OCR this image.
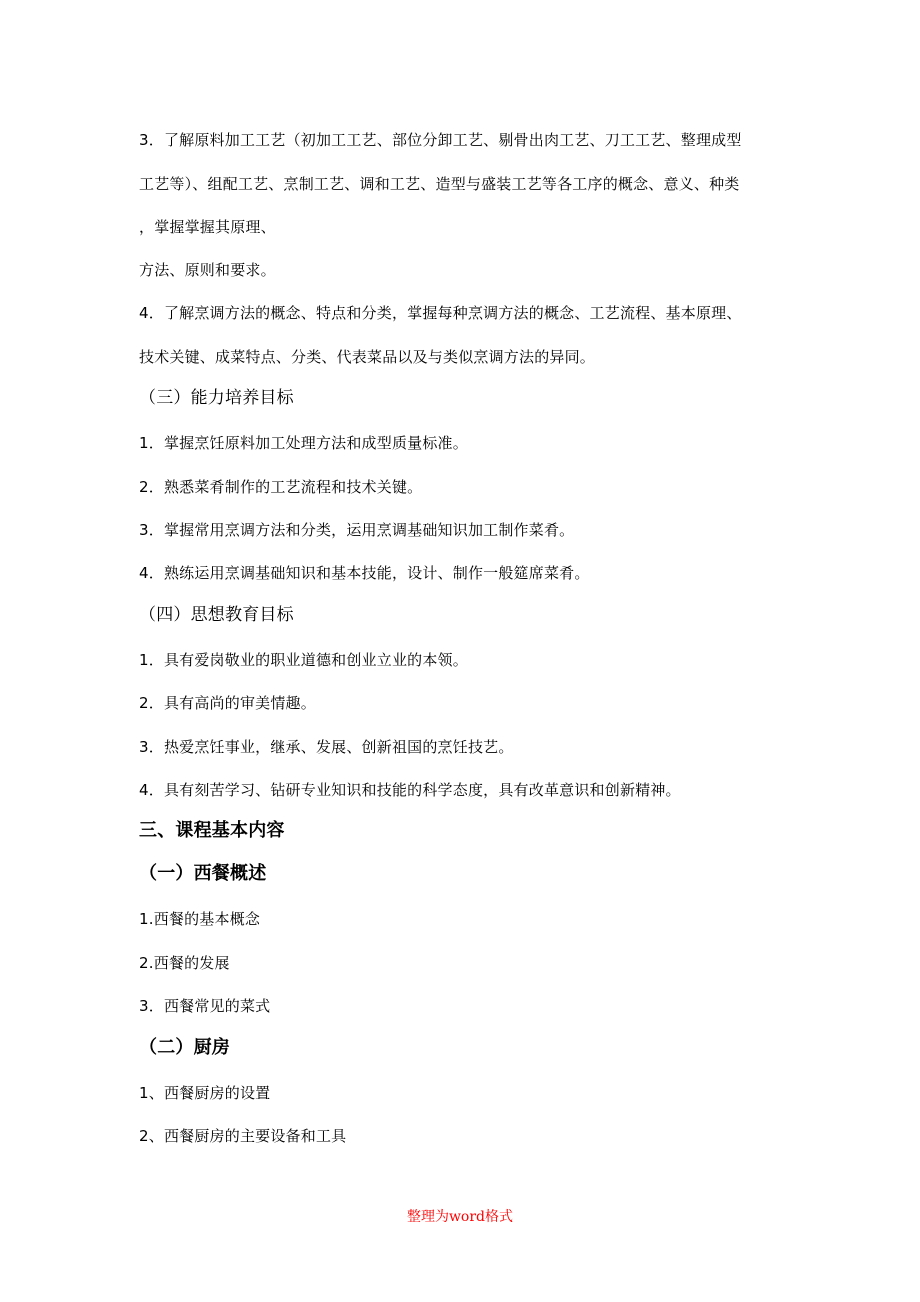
3．了解原料加工工艺（初加工工艺、部位分卸工艺、剔骨出肉工艺、刀工工艺、整理成型
工艺等）、组配工艺、烹制工艺、调和工艺、造型与盛装工艺等各工序的概念、意义、种类
，掌握掌握其原理、
方法、原则和要求。
4．了解烹调方法的概念、特点和分类，掌握每种烹调方法的概念、工艺流程、基本原理、
技术关键、成菜特点、分类、代表菜品以及与类似烹调方法的异同。
（三）能力培养目标
1．掌握烹饪原料加工处理方法和成型质量标准。
2．熟悉菜肴制作的工艺流程和技术关键。
3．掌握常用烹调方法和分类，运用烹调基础知识加工制作菜肴。
4．熟练运用烹调基础知识和基本技能，设计、制作一般筵席菜肴。
（四）思想教育目标
1．具有爱岗敬业的职业道德和创业立业的本领。
2．具有高尚的审美情趣。
3．热爱烹饪事业，继承、发展、创新祖国的烹饪技艺。
4．具有刻苦学习、钻研专业知识和技能的科学态度，具有改革意识和创新精神。
三、课程基本内容
（一）西餐概述
1.西餐的基本概念
2.西餐的发展
3．西餐常见的菜式
（二）厨房
1、西餐厨房的设置
2、西餐厨房的主要设备和工具
整理为word格式
